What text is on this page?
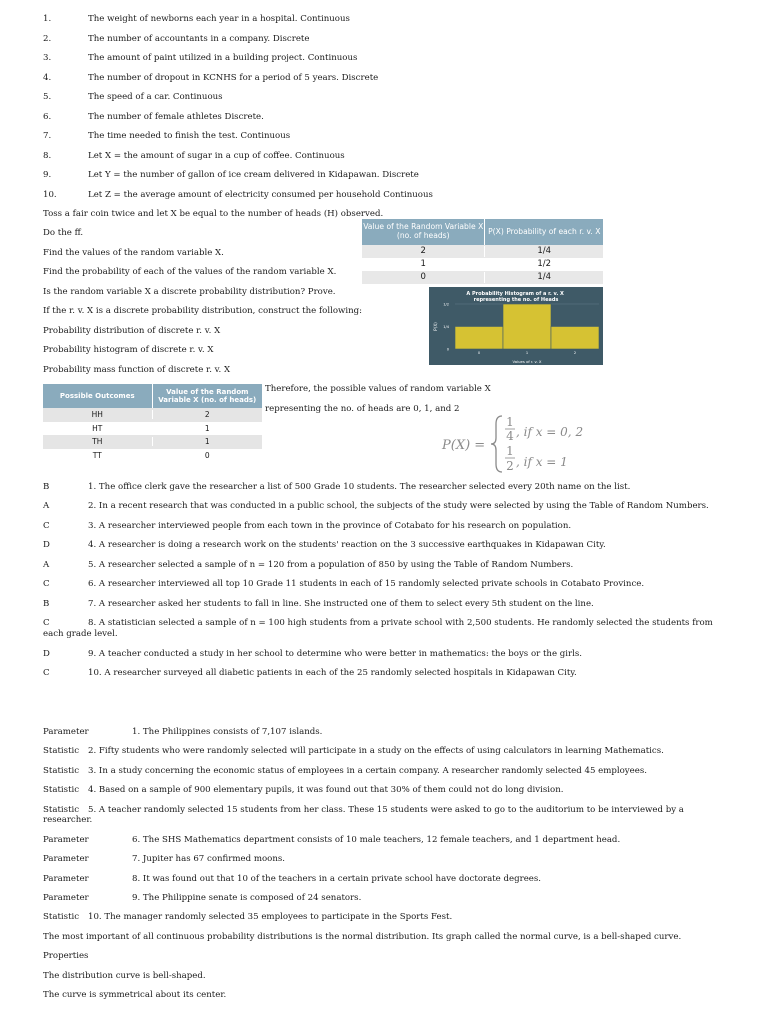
1.	The weight of newborns each year in a hospital. Continuous
2.	The number of accountants in a company. Discrete
3.	The amount of paint utilized in a building project. Continuous
4.	The number of dropout in KCNHS for a period of 5 years. Discrete
5.	The speed of a car. Continuous
6.	The number of female athletes Discrete.
7.	The time needed to finish the test. Continuous
8.	Let X = the amount of sugar in a cup of coffee. Continuous
9.	Let Y = the number of gallon of ice cream delivered in Kidapawan. Discrete
10.	Let Z = the average amount of electricity consumed per household Continuous
Toss a fair coin twice and let X be equal to the number of heads (H) observed.
Do the ff.
Find the values of the random variable X.
Find the probability of each of the values of the random variable X.
Is the random variable X a discrete probability distribution? Prove.
If the r. v. X is a discrete probability distribution, construct the following:
Probability distribution of discrete r. v. X
Probability histogram of discrete r. v. X
Probability mass function of discrete r. v. X
Value of the Random Variable X (no. of heads)	P(X) Probability of each r. v. X
2	1/4
1	1/2
0	1/4
A Probability Histogram of a r. v. X representing the no. of Heads
1/2
1/4
0
0	1	2
P(X)
Values of r. v. X
Possible Outcomes
Value of the Random Variable X (no. of heads)
HH	2
HT	1
TH	1
TT	0
Therefore, the possible values of random variable X
representing the no. of heads are 0, 1, and 2
P(X) =
1
4 , if x = 0, 2
1
2 , if x = 1
B	1. The office clerk gave the researcher a list of 500 Grade 10 students. The researcher selected every 20th name on the list.
A	2. In a recent research that was conducted in a public school, the subjects of the study were selected by using the Table of Random Numbers.
C	3. A researcher interviewed people from each town in the province of Cotabato for his research on population.
D	4. A researcher is doing a research work on the students' reaction on the 3 successive earthquakes in Kidapawan City.
A	5. A researcher selected a sample of n = 120 from a population of 850 by using the Table of Random Numbers.
C	6. A researcher interviewed all top 10 Grade 11 students in each of 15 randomly selected private schools in Cotabato Province.
B	7. A researcher asked her students to fall in line. She instructed one of them to select every 5th student on the line.
C	8. A statistician selected a sample of n = 100 high students from a private school with 2,500 students. He randomly selected the students from
each grade level.
D	9. A teacher conducted a study in her school to determine who were better in mathematics: the boys or the girls.
C	10. A researcher surveyed all diabetic patients in each of the 25 randomly selected hospitals in Kidapawan City.
Parameter	1. The Philippines consists of 7,107 islands.
Statistic 2. Fifty students who were randomly selected will participate in a study on the effects of using calculators in learning Mathematics.
Statistic 3. In a study concerning the economic status of employees in a certain company. A researcher randomly selected 45 employees.
Statistic 4. Based on a sample of 900 elementary pupils, it was found out that 30% of them could not do long division.
Statistic 5. A teacher randomly selected 15 students from her class. These 15 students were asked to go to the auditorium to be interviewed by a
researcher.
Parameter	6. The SHS Mathematics department consists of 10 male teachers, 12 female teachers, and 1 department head.
Parameter	7. Jupiter has 67 confirmed moons.
Parameter	8. It was found out that 10 of the teachers in a certain private school have doctorate degrees.
Parameter	9. The Philippine senate is composed of 24 senators.
Statistic 10. The manager randomly selected 35 employees to participate in the Sports Fest.
The most important of all continuous probability distributions is the normal distribution. Its graph called the normal curve, is a bell-shaped curve.
Properties
The distribution curve is bell-shaped.
The curve is symmetrical about its center.
